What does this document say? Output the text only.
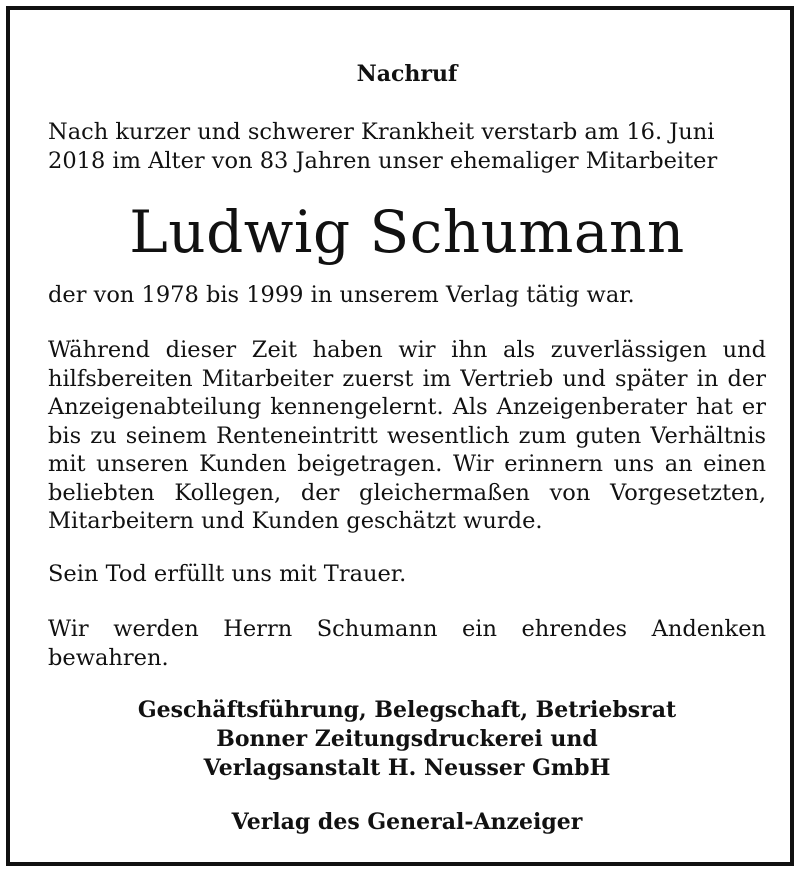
Nachruf
Nach kurzer und schwerer Krankheit verstarb am 16. Juni
2018 im Alter von 83 Jahren unser ehemaliger Mitarbeiter
Ludwig Schumann

der von 1978 bis 1999 in unserem Verlag tätig war.

Während dieser Zeit haben wir ihn als zuverlässigen und hilfsbereiten Mitarbeiter zuerst im Vertrieb und später in der Anzeigenabteilung kennengelernt. Als Anzeigenberater hat er bis zu seinem Renteneintritt wesentlich zum guten Verhältnis mit unseren Kunden beigetragen. Wir erinnern uns an einen beliebten Kollegen, der gleichermaßen von Vorgesetzten, Mitarbeitern und Kunden geschätzt wurde.

Sein Tod erfüllt uns mit Trauer.

Wir werden Herrn Schumann ein ehrendes Andenken bewahren.

Geschäftsführung, Belegschaft, Betriebsrat
Bonner Zeitungsdruckerei und
Verlagsanstalt H. Neusser GmbH
Verlag des General-Anzeiger
